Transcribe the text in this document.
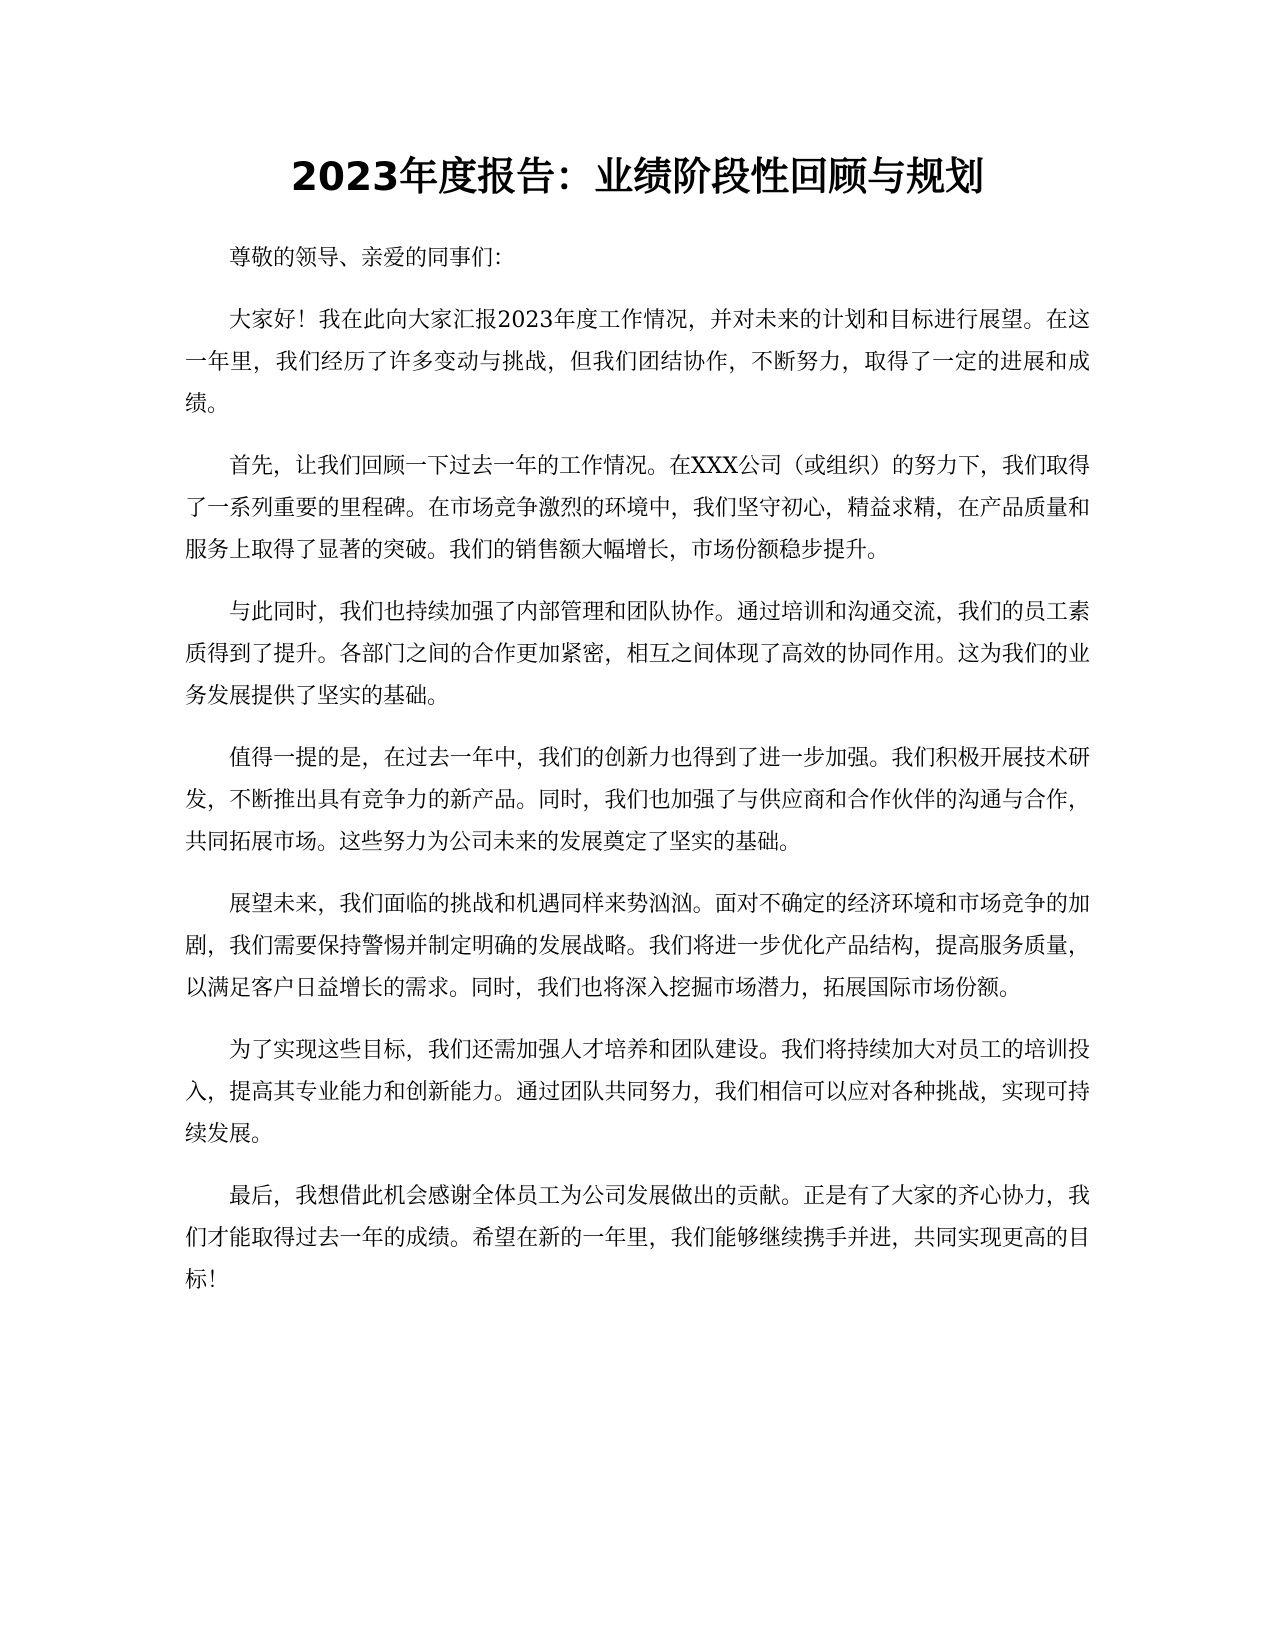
2023年度报告：业绩阶段性回顾与规划

尊敬的领导、亲爱的同事们：

大家好！我在此向大家汇报2023年度工作情况，并对未来的计划和目标进行展望。在这一年里，我们经历了许多变动与挑战，但我们团结协作，不断努力，取得了一定的进展和成绩。

首先，让我们回顾一下过去一年的工作情况。在XXX公司（或组织）的努力下，我们取得了一系列重要的里程碑。在市场竞争激烈的环境中，我们坚守初心，精益求精，在产品质量和服务上取得了显著的突破。我们的销售额大幅增长，市场份额稳步提升。

与此同时，我们也持续加强了内部管理和团队协作。通过培训和沟通交流，我们的员工素质得到了提升。各部门之间的合作更加紧密，相互之间体现了高效的协同作用。这为我们的业务发展提供了坚实的基础。

值得一提的是，在过去一年中，我们的创新力也得到了进一步加强。我们积极开展技术研发，不断推出具有竞争力的新产品。同时，我们也加强了与供应商和合作伙伴的沟通与合作，共同拓展市场。这些努力为公司未来的发展奠定了坚实的基础。

展望未来，我们面临的挑战和机遇同样来势汹汹。面对不确定的经济环境和市场竞争的加剧，我们需要保持警惕并制定明确的发展战略。我们将进一步优化产品结构，提高服务质量，以满足客户日益增长的需求。同时，我们也将深入挖掘市场潜力，拓展国际市场份额。

为了实现这些目标，我们还需加强人才培养和团队建设。我们将持续加大对员工的培训投入，提高其专业能力和创新能力。通过团队共同努力，我们相信可以应对各种挑战，实现可持续发展。

最后，我想借此机会感谢全体员工为公司发展做出的贡献。正是有了大家的齐心协力，我们才能取得过去一年的成绩。希望在新的一年里，我们能够继续携手并进，共同实现更高的目标！
